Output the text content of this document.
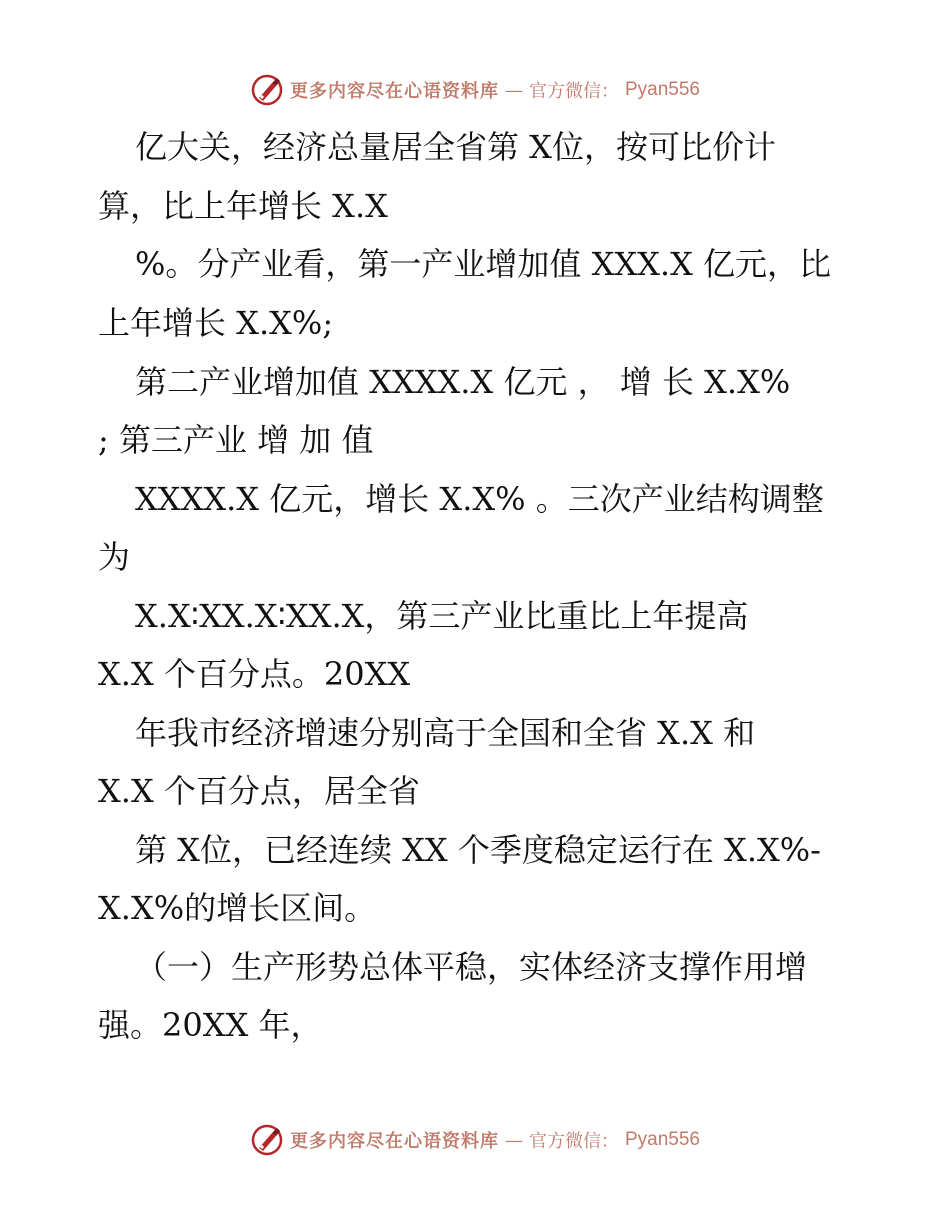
更多内容尽在心语资料库 — 官方微信： Pyan556
亿大关，经济总量居全省第 X位，按可比价计
算，比上年增长 X.X
%。分产业看，第一产业增加值 XXX.X 亿元，比
上年增长 X.X%;
第二产业增加值 XXXX.X 亿元 ， 增 长 X.X%
; 第三产业 增 加 值
XXXX.X 亿元，增长 X.X% 。三次产业结构调整
为
X.X∶XX.X∶XX.X，第三产业比重比上年提高
X.X 个百分点。20XX
年我市经济增速分别高于全国和全省 X.X 和
X.X 个百分点，居全省
第 X位，已经连续 XX 个季度稳定运行在 X.X%-
X.X%的增长区间。
（一）生产形势总体平稳，实体经济支撑作用增
强。20XX 年，
更多内容尽在心语资料库 — 官方微信： Pyan556
